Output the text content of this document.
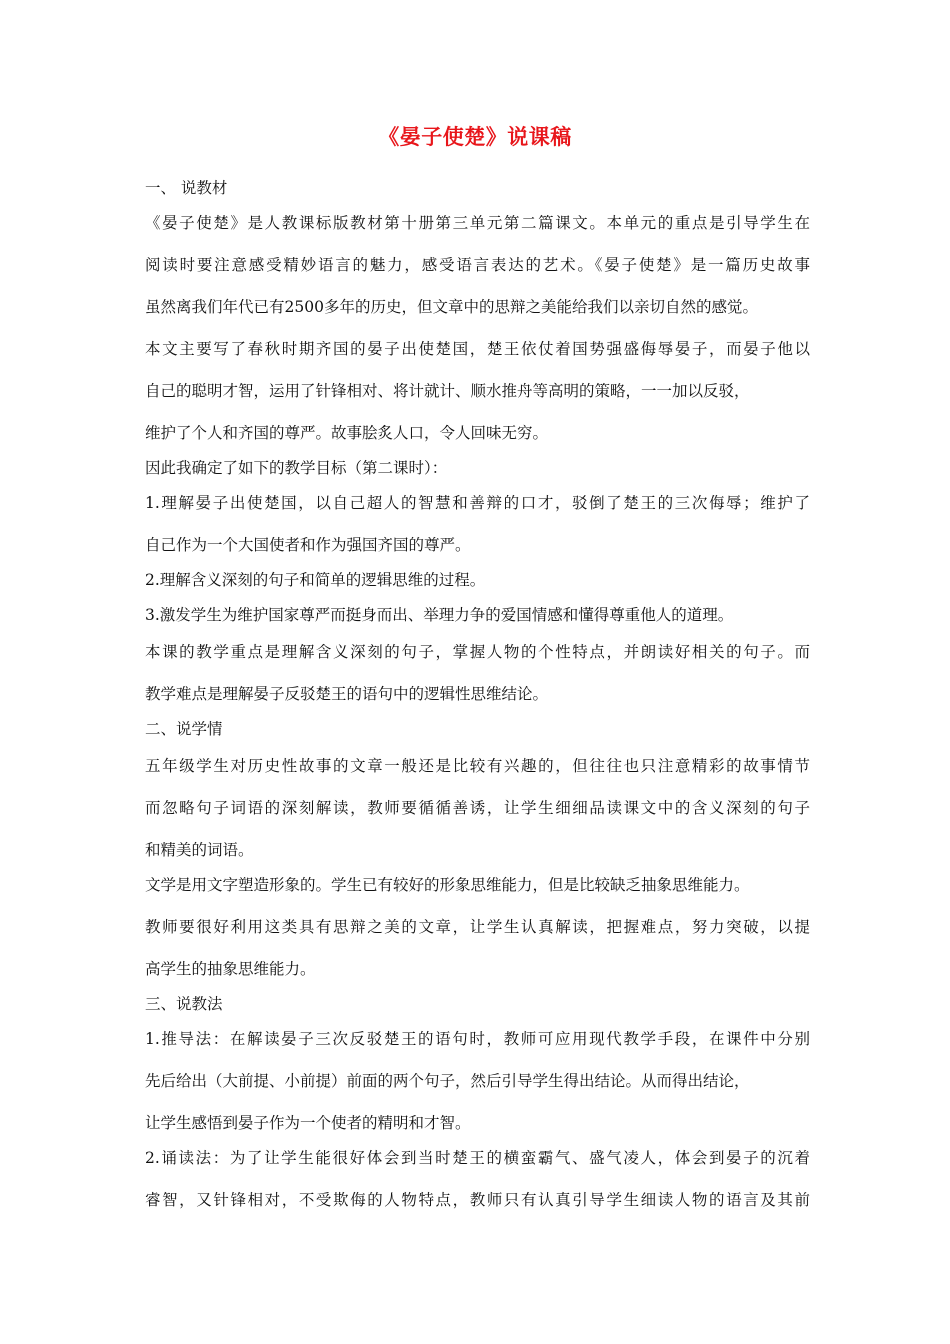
《晏子使楚》说课稿
一、 说教材
《晏子使楚》是人教课标版教材第十册第三单元第二篇课文。本单元的重点是引导学生在
阅读时要注意感受精妙语言的魅力，感受语言表达的艺术。《晏子使楚》是一篇历史故事
虽然离我们年代已有2500多年的历史，但文章中的思辩之美能给我们以亲切自然的感觉。
本文主要写了春秋时期齐国的晏子出使楚国，楚王依仗着国势强盛侮辱晏子，而晏子他以
自己的聪明才智，运用了针锋相对、将计就计、顺水推舟等高明的策略，一一加以反驳，
维护了个人和齐国的尊严。故事脍炙人口，令人回味无穷。
因此我确定了如下的教学目标（第二课时）：
1.理解晏子出使楚国，以自己超人的智慧和善辩的口才，驳倒了楚王的三次侮辱；维护了
自己作为一个大国使者和作为强国齐国的尊严。
2.理解含义深刻的句子和简单的逻辑思维的过程。
3.激发学生为维护国家尊严而挺身而出、举理力争的爱国情感和懂得尊重他人的道理。
本课的教学重点是理解含义深刻的句子，掌握人物的个性特点，并朗读好相关的句子。而
教学难点是理解晏子反驳楚王的语句中的逻辑性思维结论。
二、说学情
五年级学生对历史性故事的文章一般还是比较有兴趣的，但往往也只注意精彩的故事情节
而忽略句子词语的深刻解读，教师要循循善诱，让学生细细品读课文中的含义深刻的句子
和精美的词语。
文学是用文字塑造形象的。学生已有较好的形象思维能力，但是比较缺乏抽象思维能力。
教师要很好利用这类具有思辩之美的文章，让学生认真解读，把握难点，努力突破，以提
高学生的抽象思维能力。
三、说教法
1.推导法：在解读晏子三次反驳楚王的语句时，教师可应用现代教学手段，在课件中分别
先后给出（大前提、小前提）前面的两个句子，然后引导学生得出结论。从而得出结论，
让学生感悟到晏子作为一个使者的精明和才智。
2.诵读法：为了让学生能很好体会到当时楚王的横蛮霸气、盛气凌人，体会到晏子的沉着
睿智，又针锋相对，不受欺侮的人物特点，教师只有认真引导学生细读人物的语言及其前
